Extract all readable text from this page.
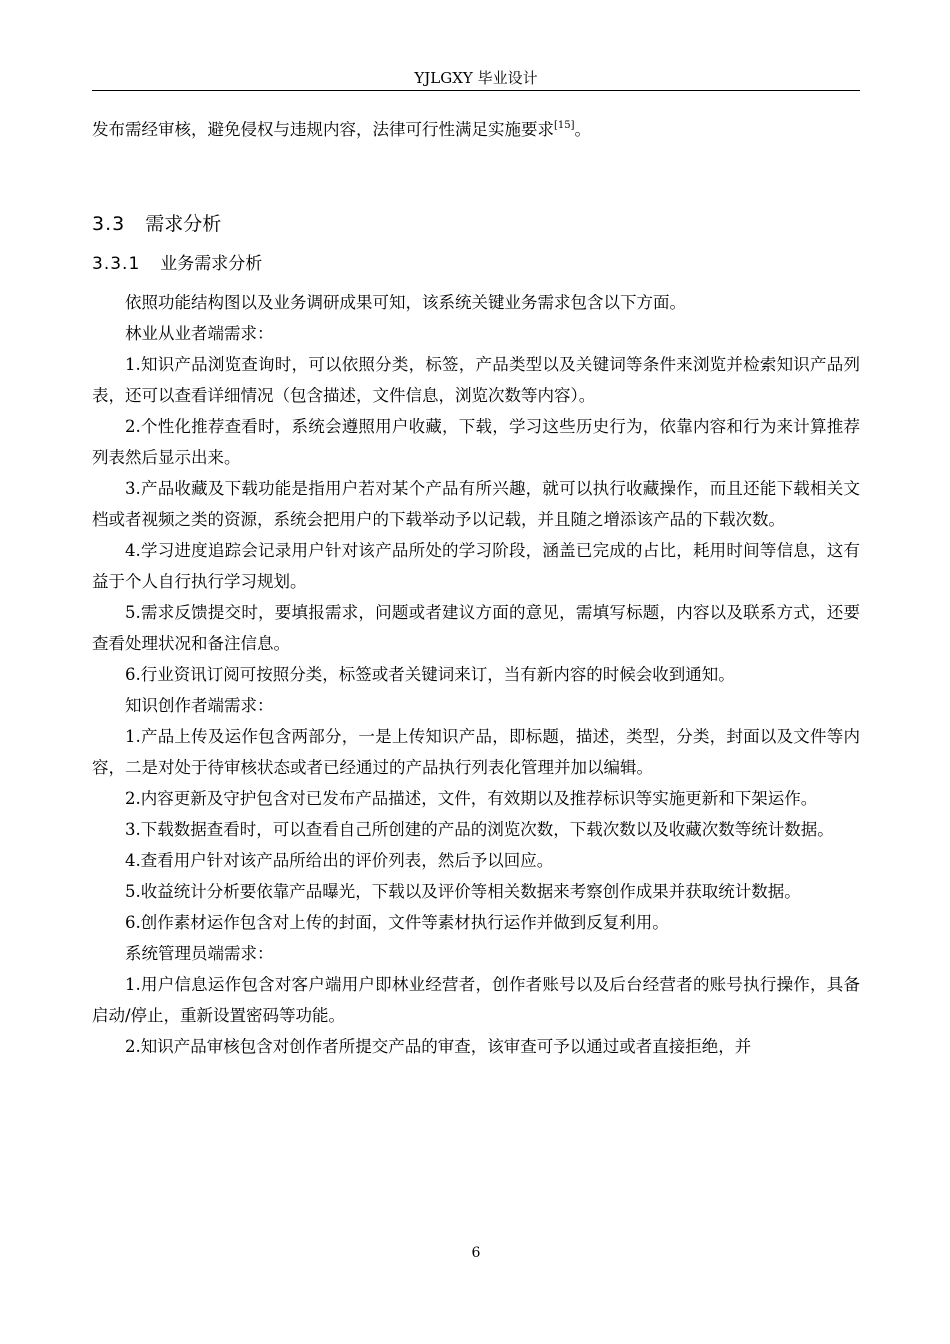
YJLGXY 毕业设计

发布需经审核，避免侵权与违规内容，法律可行性满足实施要求[15]。

3.3 需求分析
3.3.1 业务需求分析

依照功能结构图以及业务调研成果可知，该系统关键业务需求包含以下方面。

林业从业者端需求：

1.知识产品浏览查询时，可以依照分类，标签，产品类型以及关键词等条件来浏览并检索知识产品列表，还可以查看详细情况（包含描述，文件信息，浏览次数等内容）。

2.个性化推荐查看时，系统会遵照用户收藏，下载，学习这些历史行为，依靠内容和行为来计算推荐列表然后显示出来。

3.产品收藏及下载功能是指用户若对某个产品有所兴趣，就可以执行收藏操作，而且还能下载相关文档或者视频之类的资源，系统会把用户的下载举动予以记载，并且随之增添该产品的下载次数。

4.学习进度追踪会记录用户针对该产品所处的学习阶段，涵盖已完成的占比，耗用时间等信息，这有益于个人自行执行学习规划。

5.需求反馈提交时，要填报需求，问题或者建议方面的意见，需填写标题，内容以及联系方式，还要查看处理状况和备注信息。

6.行业资讯订阅可按照分类，标签或者关键词来订，当有新内容的时候会收到通知。

知识创作者端需求：

1.产品上传及运作包含两部分，一是上传知识产品，即标题，描述，类型，分类，封面以及文件等内容，二是对处于待审核状态或者已经通过的产品执行列表化管理并加以编辑。

2.内容更新及守护包含对已发布产品描述，文件，有效期以及推荐标识等实施更新和下架运作。

3.下载数据查看时，可以查看自己所创建的产品的浏览次数，下载次数以及收藏次数等统计数据。

4.查看用户针对该产品所给出的评价列表，然后予以回应。

5.收益统计分析要依靠产品曝光，下载以及评价等相关数据来考察创作成果并获取统计数据。

6.创作素材运作包含对上传的封面，文件等素材执行运作并做到反复利用。

系统管理员端需求：

1.用户信息运作包含对客户端用户即林业经营者，创作者账号以及后台经营者的账号执行操作，具备启动/停止，重新设置密码等功能。

2.知识产品审核包含对创作者所提交产品的审查，该审查可予以通过或者直接拒绝，并

6
